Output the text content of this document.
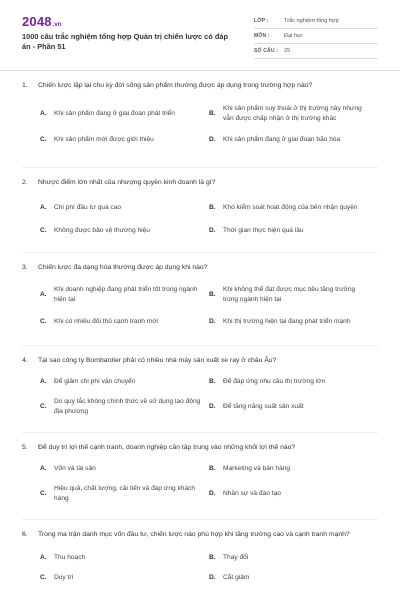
2048 .vn
1000 câu trắc nghiệm tổng hợp Quản trị chiến lược có đáp án - Phần 51
LỚP :	Trắc nghiệm tổng hợp
MÔN :	Đại học
SỐ CÂU :	25
1.	Chiến lược lặp lại chu kỳ đời sống sản phẩm thường được áp dụng trong trường hợp nào?
A.	Khi sản phẩm đang ở giai đoạn phát triển	B.
Khi sản phẩm suy thoái ở thị trường này nhưng vẫn được chấp nhận ở thị trường khác
C.	Khi sản phẩm mới được giới thiệu	D.	Khi sản phẩm đang ở giai đoạn bão hòa
2.	Nhược điểm lớn nhất của nhượng quyền kinh doanh là gì?
A.	Chi phí đầu tư quá cao	B.	Khó kiểm soát hoạt động của bên nhận quyền
C.	Không được bảo vệ thương hiệu	D.	Thời gian thực hiện quá lâu
3.	Chiến lược đa dạng hóa thường được áp dụng khi nào?
A.
Khi doanh nghiệp đang phát triển tốt trong ngành hiện tại
B.
Khi không thể đạt được mục tiêu tăng trưởng trong ngành hiện tại
C.	Khi có nhiều đối thủ cạnh tranh mới	D.	Khi thị trường hiện tại đang phát triển mạnh
4.	Tại sao công ty Bombardier phải có nhiều nhà máy sản xuất xe ray ở châu Âu?
A.	Để giảm chi phí vận chuyển	B.	Để đáp ứng nhu cầu thị trường lớn
C.
Do quy tắc không chính thức về sử dụng lao động địa phương
D.	Để tăng năng suất sản xuất
5.	Để duy trì lợi thế cạnh tranh, doanh nghiệp cần tập trung vào những khối lợi thế nào?
A.	Vốn và tài sản	B.	Marketing và bán hàng
C.
Hiệu quả, chất lượng, cải tiến và đáp ứng khách hàng
D.	Nhân sự và đào tạo
6.	Trong ma trận danh mục vốn đầu tư, chiến lược nào phù hợp khi tăng trưởng cao và cạnh tranh mạnh?
A.	Thu hoạch	B.	Thay đổi
C.	Duy trì	D.	Cắt giảm
